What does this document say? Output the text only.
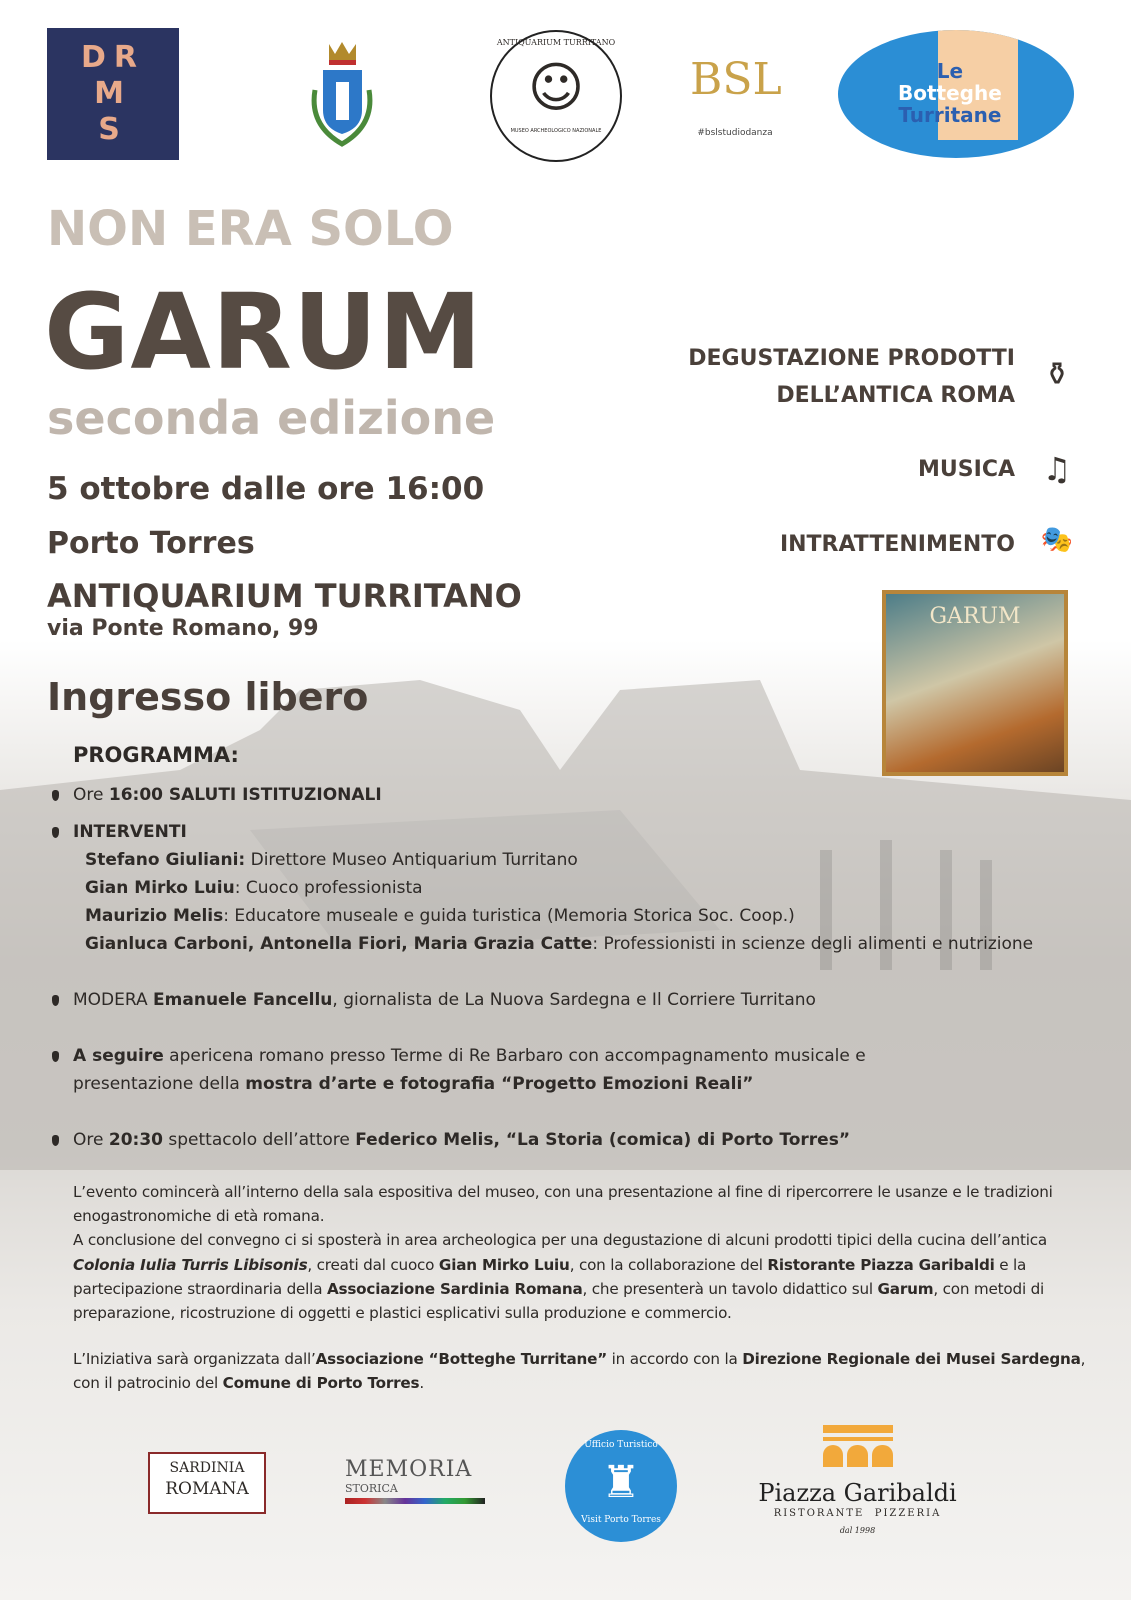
DRMS
ANTIQUARIUM TURRITANO
☺
MUSEO ARCHEOLOGICO NAZIONALE
BSL
#bslstudiodanza
Le
Botteghe
Turritane
NON ERA SOLO
GARUM
seconda edizione
5 ottobre dalle ore 16:00
Porto Torres
ANTIQUARIUM TURRITANO
via Ponte Romano, 99
Ingresso libero
DEGUSTAZIONE PRODOTTI
DELL’ANTICA ROMA
⚱
MUSICA ♫
INTRATTENIMENTO 🎭
GARUM
PROGRAMMA:
Ore 16:00 SALUTI ISTITUZIONALI
INTERVENTI
Stefano Giuliani: Direttore Museo Antiquarium Turritano
Gian Mirko Luiu: Cuoco professionista
Maurizio Melis: Educatore museale e guida turistica (Memoria Storica Soc. Coop.)
Gianluca Carboni, Antonella Fiori, Maria Grazia Catte: Professionisti in scienze degli alimenti e nutrizione
MODERA Emanuele Fancellu, giornalista de La Nuova Sardegna e Il Corriere Turritano
A seguire apericena romano presso Terme di Re Barbaro con accompagnamento musicale e
presentazione della mostra d’arte e fotografia “Progetto Emozioni Reali”
Ore 20:30 spettacolo dell’attore Federico Melis, “La Storia (comica) di Porto Torres”
L’evento comincerà all’interno della sala espositiva del museo, con una presentazione al fine di ripercorrere le usanze e le tradizioni enogastronomiche di età romana.
A conclusione del convegno ci si sposterà in area archeologica per una degustazione di alcuni prodotti tipici della cucina dell’antica Colonia Iulia Turris Libisonis, creati dal cuoco Gian Mirko Luiu, con la collaborazione del Ristorante Piazza Garibaldi e la partecipazione straordinaria della Associazione Sardinia Romana, che presenterà un tavolo didattico sul Garum, con metodi di preparazione, ricostruzione di oggetti e plastici esplicativi sulla produzione e commercio.
L’Iniziativa sarà organizzata dall’Associazione “Botteghe Turritane” in accordo con la Direzione Regionale dei Musei Sardegna, con il patrocinio del Comune di Porto Torres.
SARDINIA
ROMANA
MEMORIA
STORICA
Ufficio Turistico
♜
Visit Porto Torres
Piazza Garibaldi
RISTORANTE  PIZZERIA
dal 1998
